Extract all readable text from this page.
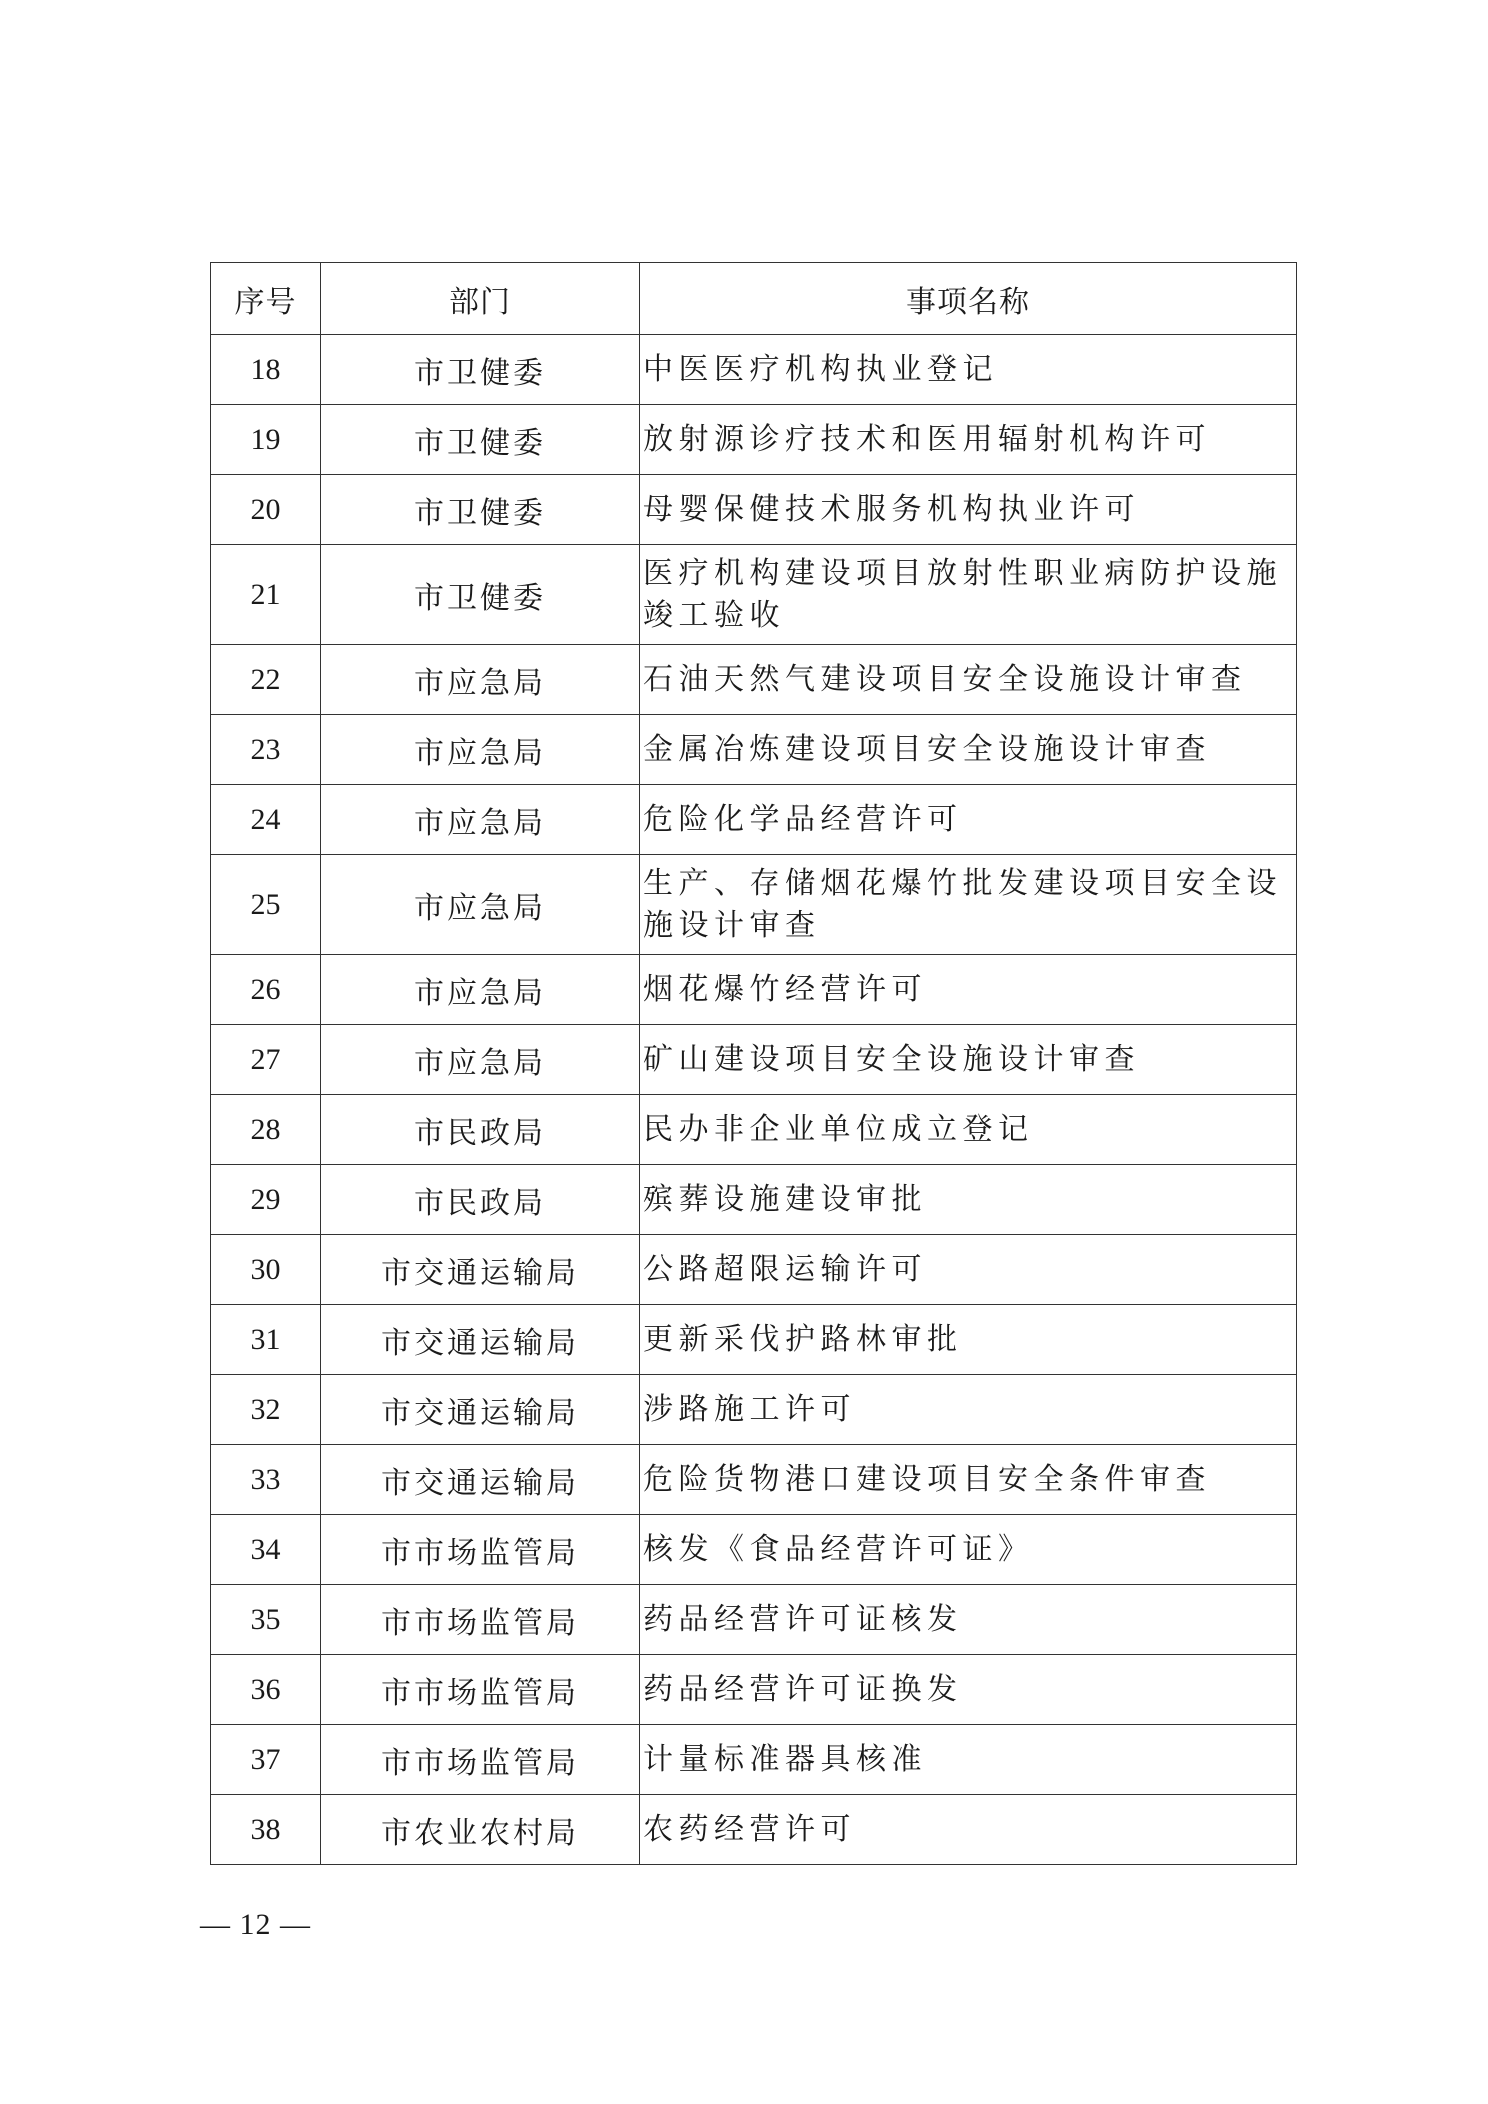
序号	部门	事项名称
18	市卫健委	中医医疗机构执业登记
19	市卫健委	放射源诊疗技术和医用辐射机构许可
20	市卫健委	母婴保健技术服务机构执业许可
21	市卫健委	医疗机构建设项目放射性职业病防护设施竣工验收
22	市应急局	石油天然气建设项目安全设施设计审查
23	市应急局	金属冶炼建设项目安全设施设计审查
24	市应急局	危险化学品经营许可
25	市应急局	生产、存储烟花爆竹批发建设项目安全设施设计审查
26	市应急局	烟花爆竹经营许可
27	市应急局	矿山建设项目安全设施设计审查
28	市民政局	民办非企业单位成立登记
29	市民政局	殡葬设施建设审批
30	市交通运输局	公路超限运输许可
31	市交通运输局	更新采伐护路林审批
32	市交通运输局	涉路施工许可
33	市交通运输局	危险货物港口建设项目安全条件审查
34	市市场监管局	核发《食品经营许可证》
35	市市场监管局	药品经营许可证核发
36	市市场监管局	药品经营许可证换发
37	市市场监管局	计量标准器具核准
38	市农业农村局	农药经营许可
— 12 —
